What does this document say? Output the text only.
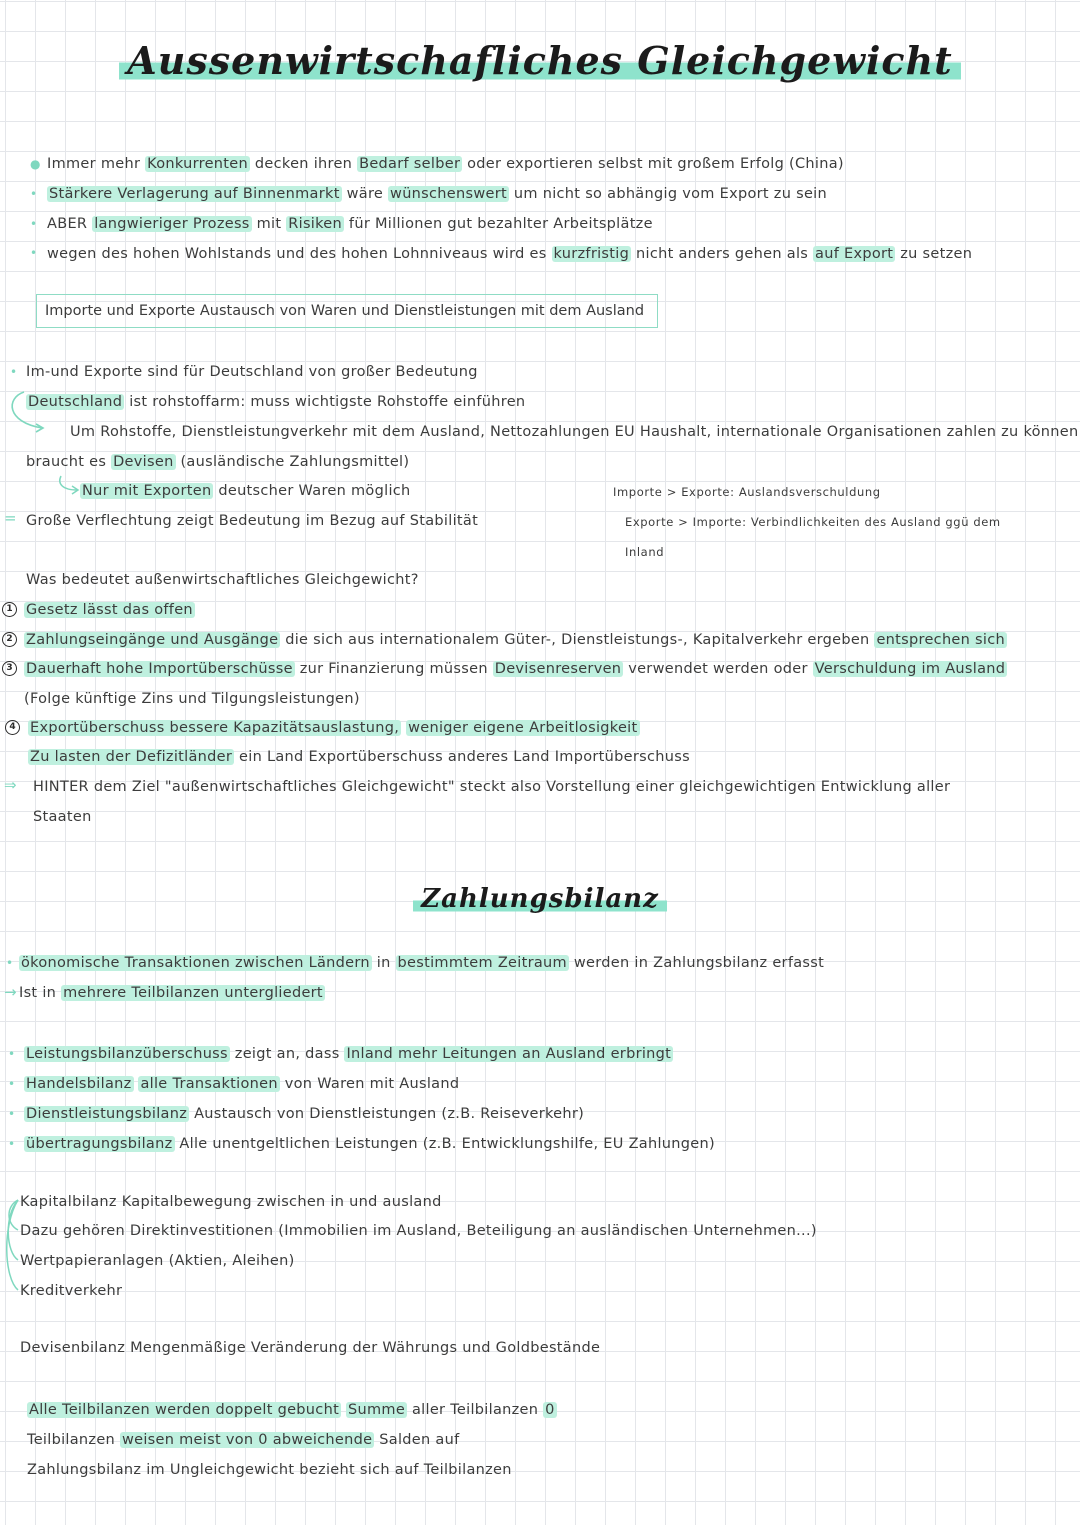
Aussenwirtschafliches Gleichgewicht
● Immer mehr Konkurrenten decken ihren Bedarf selber oder exportieren selbst mit großem Erfolg (China)
• Stärkere Verlagerung auf Binnenmarkt wäre wünschenswert um nicht so abhängig vom Export zu sein
• ABER langwieriger Prozess mit Risiken für Millionen gut bezahlter Arbeitsplätze
• wegen des hohen Wohlstands und des hohen Lohnniveaus wird es kurzfristig nicht anders gehen als auf Export zu setzen
Importe und Exporte Austausch von Waren und Dienstleistungen mit dem Ausland
• Im-und Exporte sind für Deutschland von großer Bedeutung
Deutschland ist rohstoffarm: muss wichtigste Rohstoffe einführen
Um Rohstoffe, Dienstleistungverkehr mit dem Ausland, Nettozahlungen EU Haushalt, internationale Organisationen zahlen zu können
braucht es Devisen (ausländische Zahlungsmittel)
Nur mit Exporten deutscher Waren möglich
= Große Verflechtung zeigt Bedeutung im Bezug auf Stabilität
Importe > Exporte: Auslandsverschuldung
Exporte > Importe: Verbindlichkeiten des Ausland ggü dem
Inland
Was bedeutet außenwirtschaftliches Gleichgewicht?
1 Gesetz lässt das offen
2 Zahlungseingänge und Ausgänge die sich aus internationalem Güter-, Dienstleistungs-, Kapitalverkehr ergeben entsprechen sich
3 Dauerhaft hohe Importüberschüsse zur Finanzierung müssen Devisenreserven verwendet werden oder Verschuldung im Ausland
(Folge künftige Zins und Tilgungsleistungen)
4 Exportüberschuss bessere Kapazitätsauslastung, weniger eigene Arbeitlosigkeit
Zu lasten der Defizitländer ein Land Exportüberschuss anderes Land Importüberschuss
⇒ HINTER dem Ziel "außenwirtschaftliches Gleichgewicht" steckt also Vorstellung einer gleichgewichtigen Entwicklung aller
Staaten
Zahlungsbilanz
• ökonomische Transaktionen zwischen Ländern in bestimmtem Zeitraum werden in Zahlungsbilanz erfasst
→ Ist in mehrere Teilbilanzen untergliedert
• Leistungsbilanzüberschuss zeigt an, dass Inland mehr Leitungen an Ausland erbringt
• Handelsbilanz alle Transaktionen von Waren mit Ausland
• Dienstleistungsbilanz Austausch von Dienstleistungen (z.B. Reiseverkehr)
• übertragungsbilanz Alle unentgeltlichen Leistungen (z.B. Entwicklungshilfe, EU Zahlungen)
Kapitalbilanz Kapitalbewegung zwischen in und ausland
Dazu gehören Direktinvestitionen (Immobilien im Ausland, Beteiligung an ausländischen Unternehmen...)
Wertpapieranlagen (Aktien, Aleihen)
Kreditverkehr
Devisenbilanz Mengenmäßige Veränderung der Währungs und Goldbestände
Alle Teilbilanzen werden doppelt gebucht Summe aller Teilbilanzen 0
Teilbilanzen weisen meist von 0 abweichende Salden auf
Zahlungsbilanz im Ungleichgewicht bezieht sich auf Teilbilanzen
